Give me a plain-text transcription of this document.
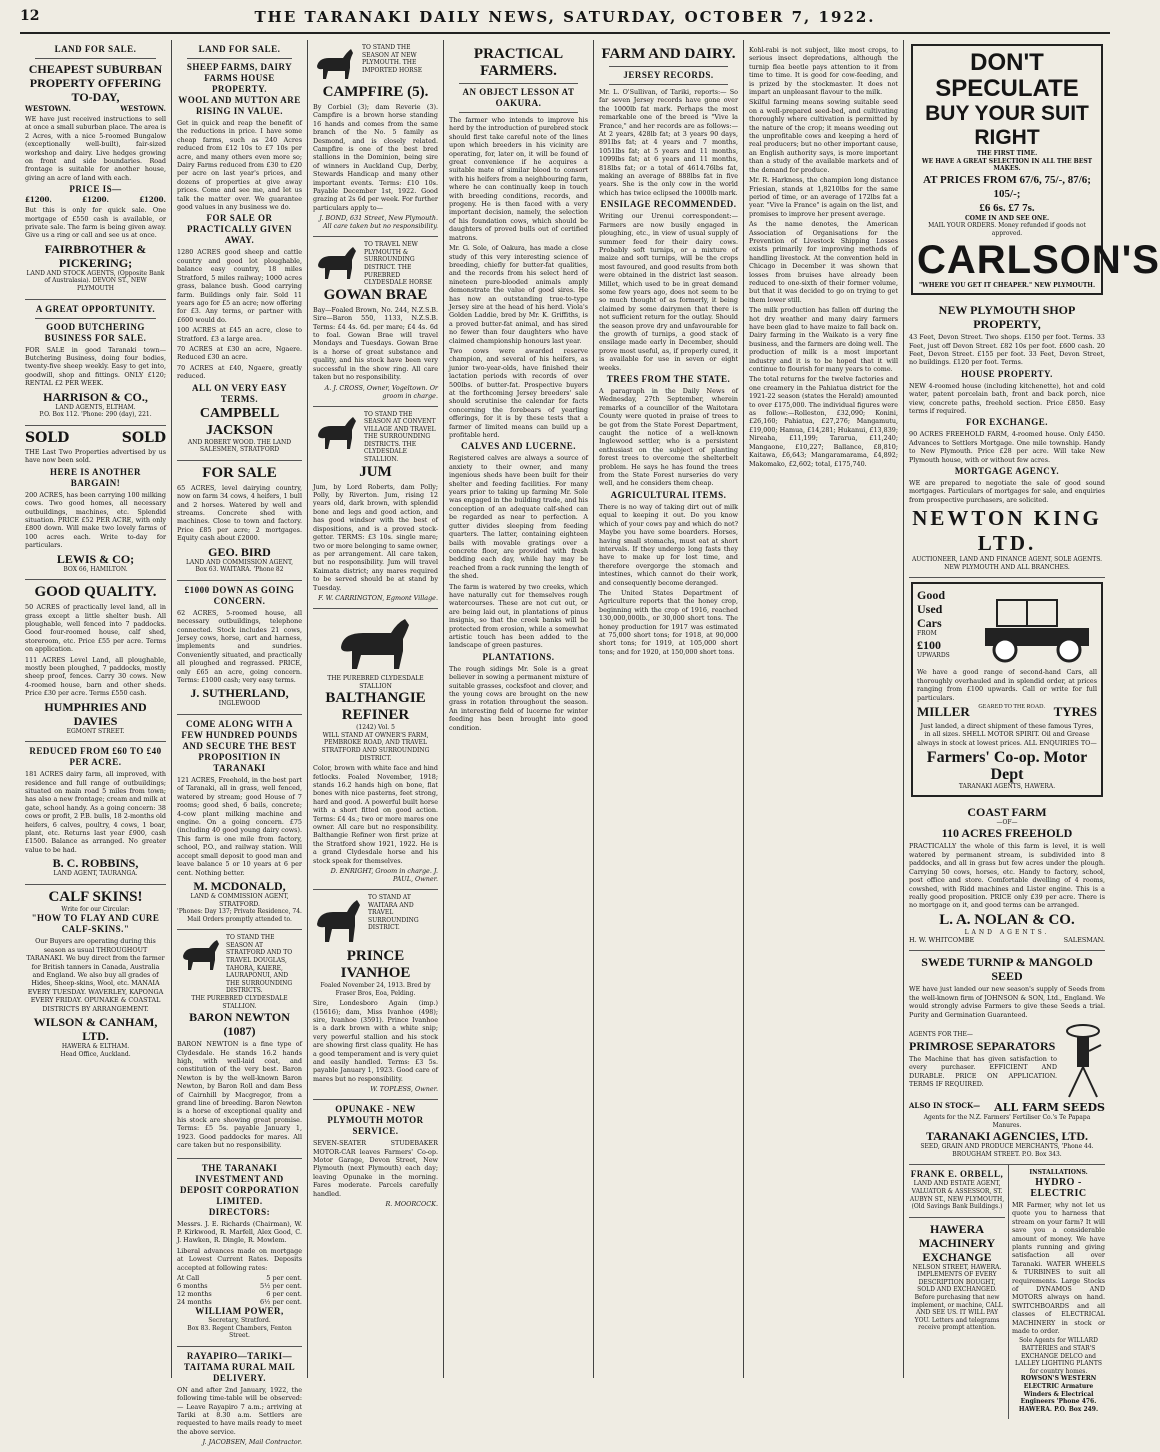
12	THE TARANAKI DAILY NEWS, SATURDAY, OCTOBER 7, 1922.
LAND FOR SALE.
CHEAPEST SUBURBAN PROPERTY OFFERING TO-DAY,
WESTOWN.	WESTOWN.
WE have just received instructions to sell at once a small suburban place. The area is 2 Acres, with a nice 5-roomed Bungalow (exceptionally well-built), fair-sized workshop and dairy. Live hedges growing on front and side boundaries. Road frontage is suitable for another house, giving an acre of land with each.
PRICE IS—
£1200.	£1200.	£1200.
But this is only for quick sale. One mortgage of £550 cash is available, or private sale. The farm is being given away. Give us a ring or call and see us at once.
FAIRBROTHER & PICKERING;
LAND AND STOCK AGENTS, (Opposite Bank of Australasia). DEVON ST., NEW PLYMOUTH
A GREAT OPPORTUNITY.
GOOD BUTCHERING BUSINESS FOR SALE.
FOR SALE in good Taranaki town—Butchering Business, doing four bodies, twenty-five sheep weekly. Easy to get into, goodwill, shop and fittings. ONLY £120; RENTAL £2 PER WEEK.
HARRISON & CO.,
LAND AGENTS, ELTHAM.
P.O. Box 112. 'Phone: 290 (day), 221.
SOLD	SOLD
THE Last Two Properties advertised by us have now been sold.
HERE IS ANOTHER BARGAIN!
200 ACRES, has been carrying 100 milking cows. Two good homes, all necessary outbuildings, machines, etc. Splendid situation. PRICE £52 PER ACRE, with only £800 down. Will make two lovely farms of 100 acres each. Write to-day for particulars.
LEWIS & CO;
BOX 66, HAMILTON.
GOOD QUALITY.
50 ACRES of practically level land, all in grass except a little shelter bush. All ploughable, well fenced into 7 paddocks. Good four-roomed house, calf shed, storeroom, etc. Price £55 per acre. Terms on application.
111 ACRES Level Land, all ploughable, mostly been ploughed, 7 paddocks, mostly sheep proof, fences. Carry 30 cows. New 4-roomed house, barn and other sheds. Price £30 per acre. Terms £550 cash.
HUMPHRIES AND DAVIES
EGMONT STREET.
REDUCED FROM £60 TO £40 PER ACRE.
181 ACRES dairy farm, all improved, with residence and full range of outbuildings; situated on main road 5 miles from town; has also a new frontage; cream and milk at gate, school handy. As a going concern: 38 cows or profit, 2 P.B. bulls, 18 2-months old heifers, 6 calves, poultry, 4 cows, 1 boar, plant, etc. Returns last year £900, cash £1500. Balance as arranged. No greater value to be had.
B. C. ROBBINS,
LAND AGENT, TAURANGA.
CALF SKINS!
Write for our Circular:
"HOW TO FLAY AND CURE CALF-SKINS."
Our Buyers are operating during this season as usual THROUGHOUT TARANAKI. We buy direct from the farmer for British tanners in Canada, Australia and England. We also buy all grades of Hides, Sheep-skins, Wool, etc. MANAIA EVERY TUESDAY. WAVERLEY, KAPONGA EVERY FRIDAY. OPUNAKE & COASTAL DISTRICTS BY ARRANGEMENT.
WILSON & CANHAM, LTD.
HAWERA & ELTHAM.
Head Office, Auckland.
LAND FOR SALE.
SHEEP FARMS, DAIRY FARMS HOUSE PROPERTY.
WOOL AND MUTTON ARE RISING IN VALUE.
Get in quick and reap the benefit of the reductions in price. I have some cheap farms, such as 240 Acres reduced from £12 10s to £7 10s per acre, and many others even more so; Dairy Farms reduced from £30 to £20 per acre on last year's prices, and dozens of properties at give away prices. Come and see me, and let us talk the matter over. We guarantee good values in any business we do.
FOR SALE OR PRACTICALLY GIVEN AWAY.
1280 ACRES good sheep and cattle country and good lot ploughable, balance easy country, 18 miles Stratford, 5 miles railway; 1000 acres grass, balance bush. Good carrying farm. Buildings only fair. Sold 11 years ago for £5 an acre; now offering for £3. Any terms, or partner with £600 would do.
100 ACRES at £45 an acre, close to Stratford. £3 a large area.
70 ACRES at £30 an acre, Ngaere. Reduced £30 an acre.
70 ACRES at £40, Ngaere, greatly reduced.
ALL ON VERY EASY TERMS.
CAMPBELL JACKSON
AND ROBERT WOOD. THE LAND SALESMEN, STRATFORD
FOR SALE
65 ACRES, level dairying country, now on farm 34 cows, 4 heifers, 1 bull and 2 horses. Watered by well and streams. Concrete shed with machines. Close to town and factory. Price £85 per acre; 2 mortgages. Equity cash about £2000.
GEO. BIRD
LAND AND COMMISSION AGENT,
Box 63. WAITARA. 'Phone 82
£1000 DOWN AS GOING CONCERN.
62 ACRES, 5-roomed house, all necessary outbuildings, telephone connected. Stock includes 21 cows, Jersey cows, horse, cart and harness, implements and sundries. Conveniently situated, and practically all ploughed and regrassed. PRICE, only £65 an acre, going concern. Terms: £1000 cash; very easy terms.
J. SUTHERLAND,
INGLEWOOD
COME ALONG WITH A FEW HUNDRED POUNDS AND SECURE THE BEST PROPOSITION IN TARANAKI
121 ACRES, Freehold, in the best part of Taranaki, all in grass, well fenced, watered by stream; good House of 7 rooms; good shed, 6 bails, concrete; 4-cow plant milking machine and engine. On a going concern. £75 (including 40 good young dairy cows). This farm is one mile from factory, school, P.O., and railway station. Will accept small deposit to good man and leave balance 5 or 10 years at 6 per cent. Nothing better.
M. MCDONALD,
LAND & COMMISSION AGENT, STRATFORD.
'Phones: Day 137; Private Residence, 74. Mail Orders promptly attended to.
TO STAND THE SEASON AT STRATFORD AND TO TRAVEL DOUGLAS, TAHORA, KAIERE, LAURAPONUI, AND THE SURROUNDING DISTRICTS.
THE PUREBRED CLYDESDALE STALLION.
BARON NEWTON (1087)
BARON NEWTON is a fine type of Clydesdale. He stands 16.2 hands high, with well-laid coat, and constitution of the very best. Baron Newton is by the well-known Baron Newton, by Baron Roll and dam Bess of Cairnhill by Macgregor, from a grand line of breeding. Baron Newton is a horse of exceptional quality and his stock are showing great promise. Terms: £5 5s. payable January 1, 1923. Good paddocks for mares. All care taken but no responsibility.
THE TARANAKI INVESTMENT AND DEPOSIT CORPORATION LIMITED.
DIRECTORS:
Messrs. J. E. Richards (Chairman), W. P. Kirkwood, R. Marfell, Alex Good, C. J. Hawken, R. Dingle, R. Mowlem.
Liberal advances made on mortgage at Lowest Current Rates. Deposits accepted at following rates:
At Call	5 per cent.
6 months	5½ per cent.
12 months	6 per cent.
24 months	6½ per cent.
WILLIAM POWER,
Secretary, Stratford.
Box 83. Regent Chambers, Fenton Street.
RAYAPIRO—TARIKI—TAITAMA RURAL MAIL DELIVERY.
ON and after 2nd January, 1922, the following time-table will be observed:— Leave Rayapiro 7 a.m.; arriving at Tariki at 8.30 a.m. Settlers are requested to have mails ready to meet the above service.
J. JACOBSEN, Mail Contractor.
TO STAND THE SEASON AT NEW PLYMOUTH. THE IMPORTED HORSE
CAMPFIRE (5).
By Corbiel (3); dam Reverie (3). Campfire is a brown horse standing 16 hands and comes from the same branch of the No. 5 family as Desmond, and is closely related. Campfire is one of the best bred stallions in the Dominion, being sire of winners in Auckland Cup, Derby, Stewards Handicap and many other important events. Terms: £10 10s. Payable December 1st, 1922. Good grazing at 2s 6d per week. For further particulars apply to—
J. BOND, 631 Street, New Plymouth. All care taken but no responsibility.
TO TRAVEL NEW PLYMOUTH & SURROUNDING DISTRICT. THE PUREBRED CLYDESDALE HORSE
GOWAN BRAE
Bay—Foaled Brown, No. 244, N.Z.S.B. Sire—Baron 550, 1133, N.Z.S.B. Terms: £4 4s. 6d. per mare; £4 4s. 6d to foal. Gowan Brae will travel Mondays and Tuesdays. Gowan Brae is a horse of great substance and quality, and his stock have been very successful in the show ring. All care taken but no responsibility.
A. J. CROSS, Owner, Vogeltown. Or groom in charge.
TO STAND THE SEASON AT CONVENT VILLAGE AND TRAVEL THE SURROUNDING DISTRICTS. THE CLYDESDALE STALLION.
JUM
Jum, by Lord Roberts, dam Polly; Polly, by Riverton. Jum, rising 12 years old, dark brown, with splendid bone and legs and good action, and has good windsor with the best of dispositions, and is a proved stock-getter. TERMS: £3 10s. single mare; two or more belonging to same owner, as per arrangement. All care taken, but no responsibility. Jum will travel Kaimata district; any mares required to be served should be at stand by Tuesday.
F. W. CARRINGTON, Egmont Village.
THE PUREBRED CLYDESDALE STALLION
BALTHANGIE REFINER
(1242) Vol. 5
WILL STAND AT OWNER'S FARM, PEMBROKE ROAD, AND TRAVEL STRATFORD AND SURROUNDING DISTRICT.
Color, brown with white face and hind fetlocks. Foaled November, 1918; stands 16.2 hands high on bone, flat bones with nice pasterns, feet strong, hard and good. A powerful built horse with a short fitted on good action. Terms: £4 4s.; two or more mares one owner. All care but no responsibility. Balthangie Refiner won first prize at the Stratford show 1921, 1922. He is a grand Clydesdale horse and his stock speak for themselves.
D. ENRIGHT, Groom in charge. J. PAUL, Owner.
TO STAND AT WAITARA AND TRAVEL SURROUNDING DISTRICT.
PRINCE IVANHOE
Foaled November 24, 1913. Bred by Fraser Bros, Eoa, Pelding.
Sire, Londesboro Again (imp.) (15616); dam, Miss Ivanhoe (498); sire, Ivanhoe (3591). Prince Ivanhoe is a dark brown with a white snip; very powerful stallion and his stock are showing first class quality. He has a good temperament and is very quiet and easily handled. Terms: £3 5s. payable January 1, 1923. Good care of mares but no responsibility.
W. TOPLESS, Owner.
OPUNAKE - NEW PLYMOUTH MOTOR SERVICE.
SEVEN-SEATER STUDEBAKER MOTOR-CAR leaves Farmers' Co-op. Motor Garage, Devon Street, New Plymouth (next Plymouth) each day; leaving Opunake in the morning. Fares moderate. Parcels carefully handled.
R. MOORCOCK.
PRACTICAL FARMERS.
AN OBJECT LESSON AT OAKURA.
The farmer who intends to improve his herd by the introduction of purebred stock should first take careful note of the lines upon which breeders in his vicinity are operating, for, later on, it will be found of great convenience if he acquires a suitable mate of similar blood to consort with his heifers from a neighbouring farm, where he can continually keep in touch with breeding conditions, records, and progeny. He is then faced with a very important decision, namely, the selection of his foundation cows, which should be daughters of proved bulls out of certified matrons.
Mr. G. Sole, of Oakura, has made a close study of this very interesting science of breeding, chiefly for butter-fat qualities, and the records from his select herd of nineteen pure-blooded animals amply demonstrate the value of good sires. He has now an outstanding true-to-type Jersey sire at the head of his herd. Viola's Golden Laddie, bred by Mr. K. Griffiths, is a proved butter-fat animal, and has sired no fewer than four daughters who have claimed championship honours last year.
Two cows were awarded reserve champion, and several of his heifers, as junior two-year-olds, have finished their lactation periods with records of over 500lbs. of butter-fat. Prospective buyers at the forthcoming Jersey breeders' sale should scrutinise the calendar for facts concerning the forebears of yearling offerings, for it is by these tests that a farmer of limited means can build up a profitable herd.
CALVES AND LUCERNE.
Registered calves are always a source of anxiety to their owner, and many ingenious sheds have been built for their shelter and feeding facilities. For many years prior to taking up farming Mr. Sole was engaged in the building trade, and his conception of an adequate calf-shed can be regarded as near to perfection. A gutter divides sleeping from feeding quarters. The latter, containing eighteen bails with movable gratings over a concrete floor, are provided with fresh bedding each day, while hay may be reached from a rack running the length of the shed.
The farm is watered by two creeks, which have naturally cut for themselves rough watercourses. These are not cut out, or are being laid out, in plantations of pinus insignis, so that the creek banks will be protected from erosion, while a somewhat artistic touch has been added to the landscape of green pastures.
PLANTATIONS.
The rough sidings Mr. Sole is a great believer in sowing a permanent mixture of suitable grasses, cocksfoot and clover, and the young cows are brought on the new grass in rotation throughout the season. An interesting field of lucerne for winter feeding has been brought into good condition.
FARM AND DAIRY.
JERSEY RECORDS.
Mr. L. O'Sullivan, of Tariki, reports:— So far seven Jersey records have gone over the 1000lb fat mark. Perhaps the most remarkable one of the breed is "Vive la France," and her records are as follows:—At 2 years, 428lb fat; at 3 years 90 days, 891lbs fat; at 4 years and 7 months, 1051lbs fat; at 5 years and 11 months, 1099lbs fat; at 6 years and 11 months, 818lbs fat; or a total of 4614.76lbs fat, making an average of 888lbs fat in five years. She is the only cow in the world which has twice eclipsed the 1000lb mark.
ENSILAGE RECOMMENDED.
Writing our Urenui correspondent:— Farmers are now busily engaged in ploughing, etc., in view of usual supply of summer feed for their dairy cows. Probably soft turnips, or a mixture of maize and soft turnips, will be the crops most favoured, and good results from both were obtained in the district last season. Millet, which used to be in great demand some few years ago, does not seem to be so much thought of as formerly, it being claimed by some dairymen that there is not sufficient return for the outlay. Should the season prove dry and unfavourable for the growth of turnips, a good stack of ensilage made early in December, should prove most useful, as, if properly cured, it is available for use in seven or eight weeks.
TREES FROM THE STATE.
A paragraph in the Daily News of Wednesday, 27th September, wherein remarks of a councillor of the Waitotara County were quoted in praise of trees to be got from the State Forest Department, caught the notice of a well-known Inglewood settler, who is a persistent enthusiast on the subject of planting forest trees to overcome the shelterbelt problem. He says he has found the trees from the State Forest nurseries do very well, and he considers them cheap.
AGRICULTURAL ITEMS.
There is no way of taking dirt out of milk equal to keeping it out. Do you know which of your cows pay and which do not? Maybe you have some boarders. Horses, having small stomachs, must eat at short intervals. If they undergo long fasts they have to make up for lost time, and therefore overgorge the stomach and intestines, which cannot do their work, and consequently become deranged.
The United States Department of Agriculture reports that the honey crop, beginning with the crop of 1916, reached 130,000,000lb., or 30,000 short tons. The honey production for 1917 was estimated at 75,000 short tons; for 1918, at 90,000 short tons; for 1919, at 105,000 short tons; and for 1920, at 150,000 short tons.
Kohl-rabi is not subject, like most crops, to serious insect depredations, although the turnip flea beetle pays attention to it from time to time. It is good for cow-feeding, and is prized by the stockmaster. It does not impart an unpleasant flavour to the milk.
Skilful farming means sowing suitable seed on a well-prepared seed-bed, and cultivating thoroughly where cultivation is permitted by the nature of the crop; it means weeding out the unprofitable cows and keeping a herd of real producers; but no other important cause, an English authority says, is more important than a study of the available markets and of the demand for produce.
Mr. R. Harkness, the champion long distance Friesian, stands at 1,8210lbs for the same period of time, or an average of 172lbs fat a year. "Vive la France" is again on the list, and promises to improve her present average.
As the name denotes, the American Association of Organisations for the Prevention of Livestock Shipping Losses exists primarily for improving methods of handling livestock. At the convention held in Chicago in December it was shown that losses from bruises have already been reduced to one-sixth of their former volume, but that it was decided to go on trying to get them lower still.
The milk production has fallen off during the hot dry weather and many dairy farmers have been glad to have maize to fall back on. Dairy farming in the Waikato is a very fine business, and the farmers are doing well. The production of milk is a most important industry and it is to be hoped that it will continue to flourish for many years to come.
The total returns for the twelve factories and one creamery in the Pahiatua district for the 1921-22 season (states the Herald) amounted to over £175,000. The individual figures were as follow:—Rolleston, £32,090; Konini, £26,160; Pahiatua, £27,276; Mangamutu, £19,000; Hamua, £14,281; Hukanui, £13,839; Nireaha, £11,199; Tararua, £11,240; Mangaone, £10,227; Ballance, £8,810; Kaitawa, £6,643; Mangaramarama, £4,892; Makomako, £2,602; total, £175,740.
DON'T SPECULATE
BUY YOUR SUIT RIGHT
THE FIRST TIME.
WE HAVE A GREAT SELECTION IN ALL THE BEST MAKES.
AT PRICES FROM 67/6, 75/-, 87/6; 105/-;
£6 6s. £7 7s.
COME IN AND SEE ONE.
MAIL YOUR ORDERS. Money refunded if goods not approved.
CARLSON'S
"WHERE YOU GET IT CHEAPER." NEW PLYMOUTH.
NEW PLYMOUTH SHOP PROPERTY,
43 Feet, Devon Street. Two shops. £150 per foot. Terms. 33 Feet, just off Devon Street. £82 10s per foot. £600 cash. 20 Feet, Devon Street. £155 per foot. 33 Feet, Devon Street, no buildings. £120 per foot. Terms.
HOUSE PROPERTY.
NEW 4-roomed house (including kitchenette), hot and cold water, patent porcelain bath, front and back porch, nice view, concrete paths, freehold section. Price £850. Easy terms if required.
FOR EXCHANGE.
90 ACRES FREEHOLD FARM, 4-roomed house. Only £450. Advances to Settlers Mortgage. One mile township. Handy to New Plymouth. Price £28 per acre. Will take New Plymouth house, with or without few acres.
MORTGAGE AGENCY.
WE are prepared to negotiate the sale of good sound mortgages. Particulars of mortgages for sale, and enquiries from prospective purchasers, are solicited.
NEWTON KING LTD.
AUCTIONEER, LAND AND FINANCE AGENT, SOLE AGENTS. NEW PLYMOUTH AND ALL BRANCHES.
Good
Used
Cars
FROM
£100
UPWARDS
We have a good range of second-hand Cars, all thoroughly overhauled and in splendid order, at prices ranging from £100 upwards. Call or write for full particulars.
MILLER GEARED TO THE ROAD. TYRES
Just landed, a direct shipment of these famous Tyres, in all sizes. SHELL MOTOR SPIRIT. Oil and Grease always in stock at lowest prices. ALL ENQUIRIES TO—
Farmers' Co-op. Motor Dept
TARANAKI AGENTS, HAWERA.
COAST FARM
—OF—
110 ACRES FREEHOLD
PRACTICALLY the whole of this farm is level, it is well watered by permanent stream, is subdivided into 8 paddocks, and all in grass but few acres under the plough. Carrying 50 cows, horses, etc. Handy to factory, school, post office and store. Comfortable dwelling of 4 rooms, cowshed, with Ridd machines and Lister engine. This is a really good proposition. PRICE only £39 per acre. There is no mortgage on it, and good terms can be arranged.
L. A. NOLAN & CO.
LAND AGENTS.
H. W. WHITCOMBE	SALESMAN.
SWEDE TURNIP & MANGOLD SEED
WE have just landed our new season's supply of Seeds from the well-known firm of JOHNSON & SON, Ltd., England. We would strongly advise Farmers to give these Seeds a trial. Purity and Germination Guaranteed.
AGENTS FOR THE—
PRIMROSE SEPARATORS
The Machine that has given satisfaction to every purchaser. EFFICIENT AND DURABLE. PRICE ON APPLICATION. TERMS IF REQUIRED.
ALSO IN STOCK— ALL FARM SEEDS
Agents for the N.Z. Farmers' Fertiliser Co.'s Te Papapa Manures.
TARANAKI AGENCIES, LTD.
SEED, GRAIN AND PRODUCE MERCHANTS, 'Phone 44. BROUGHAM STREET. P.O. Box 343.
FRANK E. ORBELL,
LAND AND ESTATE AGENT, VALUATOR & ASSESSOR, ST. AUBYN ST., NEW PLYMOUTH, (Old Savings Bank Buildings.)
HAWERA MACHINERY EXCHANGE
NELSON STREET, HAWERA. IMPLEMENTS OF EVERY DESCRIPTION BOUGHT, SOLD AND EXCHANGED. Before purchasing that new implement, or machine, CALL AND SEE US. IT WILL PAY YOU. Letters and telegrams receive prompt attention.
INSTALLATIONS.
HYDRO - ELECTRIC
MR Farmer, why not let us quote you to harness that stream on your farm? It will save you a considerable amount of money. We have plants running and giving satisfaction all over Taranaki. WATER WHEELS & TURBINES to suit all requirements. Large Stocks of DYNAMOS AND MOTORS always on hand. SWITCHBOARDS and all classes of ELECTRICAL MACHINERY in stock or made to order.
Sole Agents for WILLARD BATTERIES and STAR'S EXCHANGE DELCO and LALLEY LIGHTING PLANTS for country homes.
ROWSON'S WESTERN ELECTRIC Armature Winders & Electrical Engineers 'Phone 476. HAWERA. P.O. Box 249.
